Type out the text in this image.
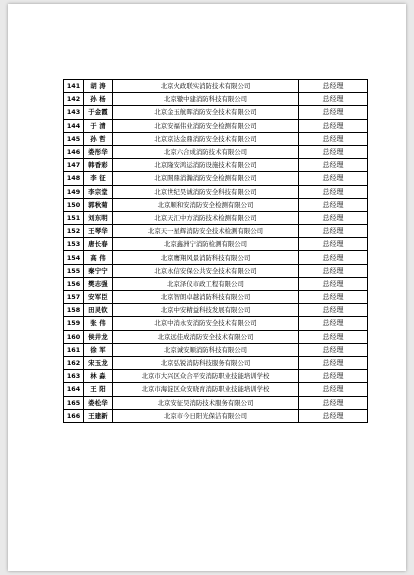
141	胡 涛	北京火政联实消防技术有限公司	总经理
142	孙 杨	北京辙中建消防科技有限公司	总经理
143	于金霞	北京金玉航晖消防安全技术有限公司	总经理
144	于 清	北京安福伟业消防安全检测有限公司	总经理
145	孙 哲	北京京达金鼎消防安全技术有限公司	总经理
146	娄彤华	北京六合成消防技术有限公司	总经理
147	韩香彩	北京隆安鸿运消防设施技术有限公司	总经理
148	李 征	北京開鼎消瀚消防安全检测有限公司	总经理
149	李宗堂	北京世纪昊诚消防安全科技有限公司	总经理
150	郭秋菊	北京顺和安消防安全检测有限公司	总经理
151	刘东明	北京天汇中方消防技术检测有限公司	总经理
152	王琴华	北京天一星辉消防安全技术检测有限公司	总经理
153	唐长春	北京鑫洲宁消防检测有限公司	总经理
154	高 伟	北京鹰翔风景消防科技有限公司	总经理
155	秦宁宁	北京永信安保公共安全技术有限公司	总经理
156	樊志强	北京泽仪市政工程有限公司	总经理
157	安军臣	北京智朗卓越消防科技有限公司	总经理
158	田灵钦	北京中安精益科技发展有限公司	总经理
159	张 伟	北京中消永安消防安全技术有限公司	总经理
160	侯井龙	北京远佳成消防安全技术有限公司	总经理
161	徐 军	北京诚安顺消防科技有限公司	总经理
162	宋玉龙	北京弘锐消防科技服务有限公司	总经理
163	林 淼	北京市大兴区众合平安消防职业技能培训学校	总经理
164	王 阳	北京市海淀区众安晓育消防职业技能培训学校	总经理
165	娄松华	北京安征昊消防技术服务有限公司	总经理
166	王建新	北京市今日阳光保洁有限公司	总经理
